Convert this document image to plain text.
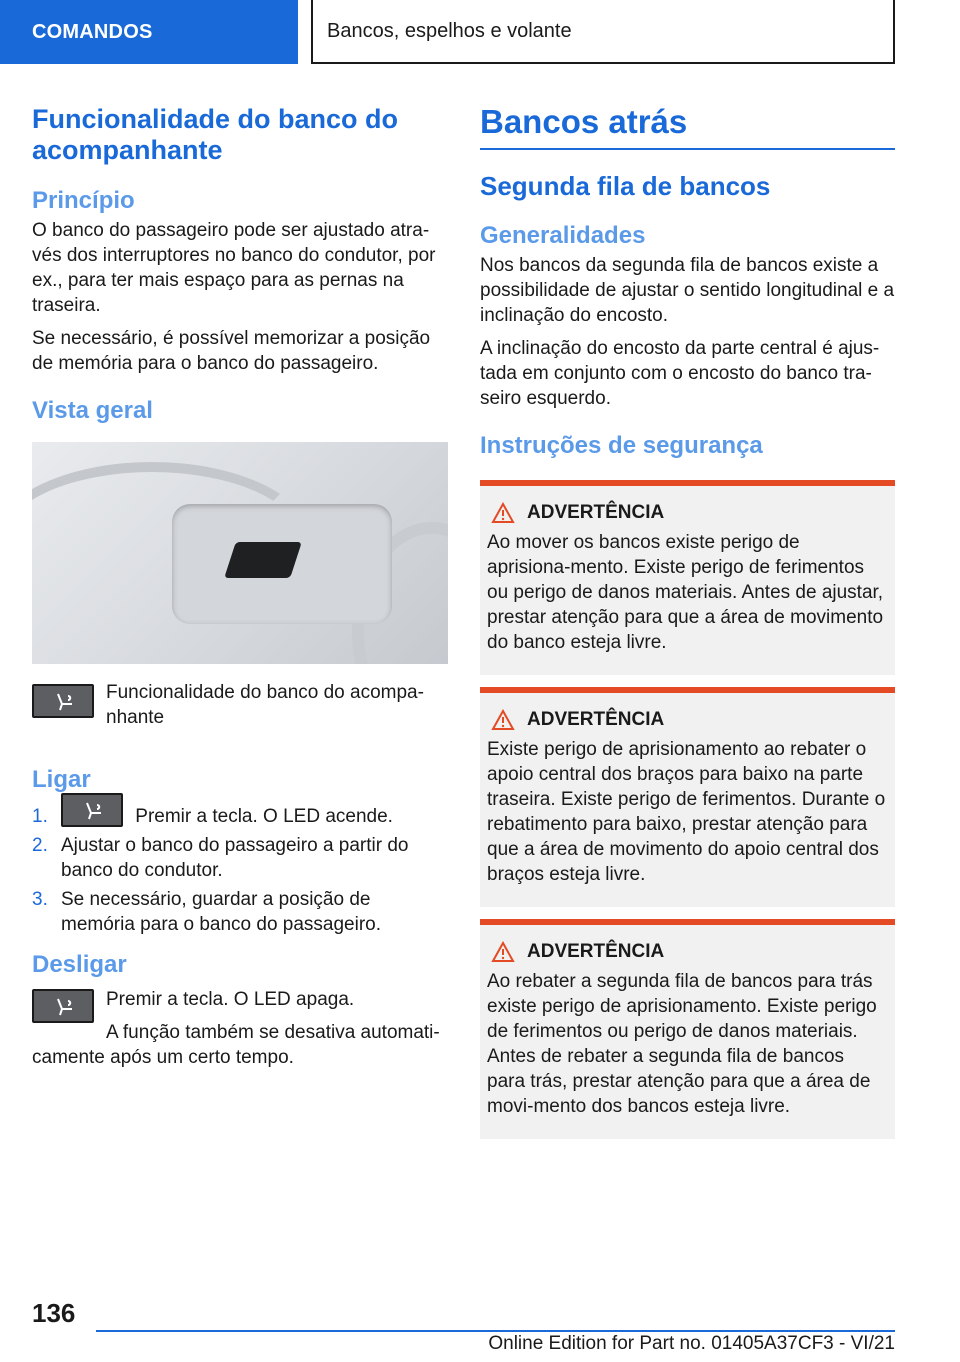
COMANDOS	Bancos, espelhos e volante
Funcionalidade do banco do acompanhante
Princípio
O banco do passageiro pode ser ajustado atra-vés dos interruptores no banco do condutor, por ex., para ter mais espaço para as pernas na traseira.
Se necessário, é possível memorizar a posição de memória para o banco do passageiro.
Vista geral
Funcionalidade do banco do acompa-nhante
Ligar
1.	Premir a tecla. O LED acende.
2. Ajustar o banco do passageiro a partir do banco do condutor.
3. Se necessário, guardar a posição de memória para o banco do passageiro.
Desligar
Premir a tecla. O LED apaga.
A função também se desativa automati-camente após um certo tempo.
Bancos atrás
Segunda fila de bancos
Generalidades
Nos bancos da segunda fila de bancos existe a possibilidade de ajustar o sentido longitudinal e a inclinação do encosto.
A inclinação do encosto da parte central é ajus-tada em conjunto com o encosto do banco tra-seiro esquerdo.
Instruções de segurança
ADVERTÊNCIA
Ao mover os bancos existe perigo de aprisiona-mento. Existe perigo de ferimentos ou perigo de danos materiais. Antes de ajustar, prestar atenção para que a área de movimento do banco esteja livre.
ADVERTÊNCIA
Existe perigo de aprisionamento ao rebater o apoio central dos braços para baixo na parte traseira. Existe perigo de ferimentos. Durante o rebatimento para baixo, prestar atenção para que a área de movimento do apoio central dos braços esteja livre.
ADVERTÊNCIA
Ao rebater a segunda fila de bancos para trás existe perigo de aprisionamento. Existe perigo de ferimentos ou perigo de danos materiais. Antes de rebater a segunda fila de bancos para trás, prestar atenção para que a área de movi-mento dos bancos esteja livre.
136
Online Edition for Part no. 01405A37CF3 - VI/21
